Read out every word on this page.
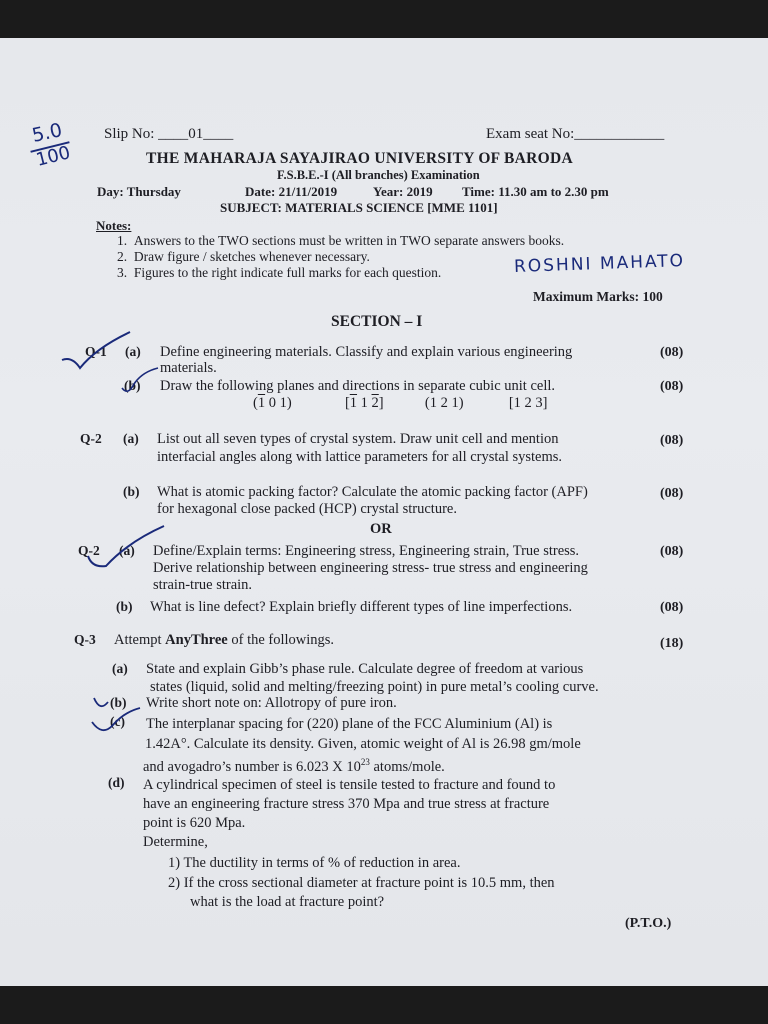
5.0
100
Slip No: ____01____	Exam seat No:____________
THE MAHARAJA SAYAJIRAO UNIVERSITY OF BARODA
F.S.B.E.-I (All branches) Examination
Day: Thursday	Date: 21/11/2019	Year: 2019 Time: 11.30 am to 2.30 pm
SUBJECT: MATERIALS SCIENCE [MME 1101]
Notes:
1. Answers to the TWO sections must be written in TWO separate answers books.
2. Draw figure / sketches whenever necessary.
3. Figures to the right indicate full marks for each question.	ROSHNI MAHATO
Maximum Marks: 100
SECTION – I
Q-1 (a) Define engineering materials. Classify and explain various engineering
materials.
(08)
(b) Draw the following planes and directions in separate cubic unit cell.	(08)
(1 0 1)	[1 1 2]  (1 2 1)	[1 2 3]
Q-2 (a) List out all seven types of crystal system. Draw unit cell and mention
interfacial angles along with lattice parameters for all crystal systems.
(08)
(b) What is atomic packing factor? Calculate the atomic packing factor (APF)
for hexagonal close packed (HCP) crystal structure.
(08)
OR
Q-2 (a) Define/Explain terms: Engineering stress, Engineering strain, True stress.
Derive relationship between engineering stress- true stress and engineering
strain-true strain.
(08)
(b) What is line defect? Explain briefly different types of line imperfections.	(08)
Q-3 Attempt AnyThree of the followings.	(18)
(a) State and explain Gibb’s phase rule. Calculate degree of freedom at various
states (liquid, solid and melting/freezing point) in pure metal’s cooling curve.
(b) Write short note on: Allotropy of pure iron.
(c) The interplanar spacing for (220) plane of the FCC Aluminium (Al) is
1.42A°. Calculate its density. Given, atomic weight of Al is 26.98 gm/mole
and avogadro’s number is 6.023 X $10^{23}$ atoms/mole.
(d) A cylindrical specimen of steel is tensile tested to fracture and found to
have an engineering fracture stress 370 Mpa and true stress at fracture
point is 620 Mpa.
Determine,
1) The ductility in terms of % of reduction in area.
2) If the cross sectional diameter at fracture point is 10.5 mm, then
what is the load at fracture point?
(P.T.O.)
